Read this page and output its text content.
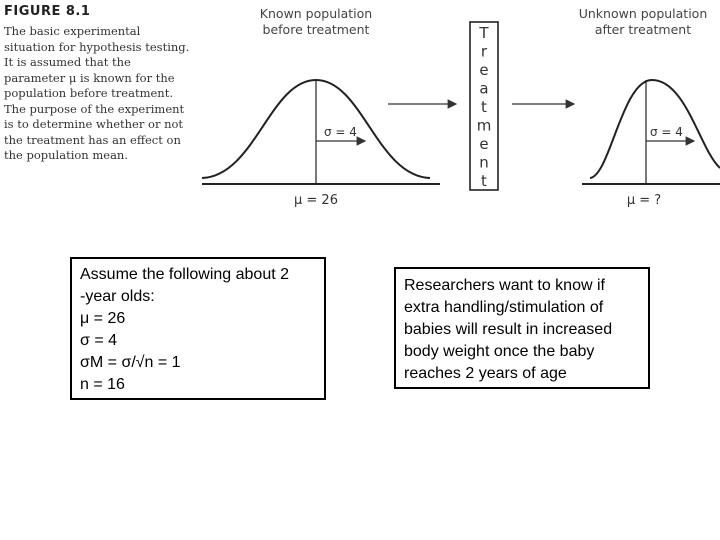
FIGURE 8.1
The basic experimental situation for hypothesis testing. It is assumed that the parameter μ is known for the population before treatment. The purpose of the experiment is to determine whether or not the treatment has an effect on the population mean.
Known population
before treatment
Unknown population
after treatment
σ = 4
μ = 26
T
r
e
a
t
m
e
n
t
σ = 4
μ = ?
Assume the following about 2
-year olds:
μ = 26
σ = 4
σM = σ/√n = 1
n = 16
Researchers want to know if
extra handling/stimulation of
babies will result in increased
body weight once the baby
reaches 2 years of age
